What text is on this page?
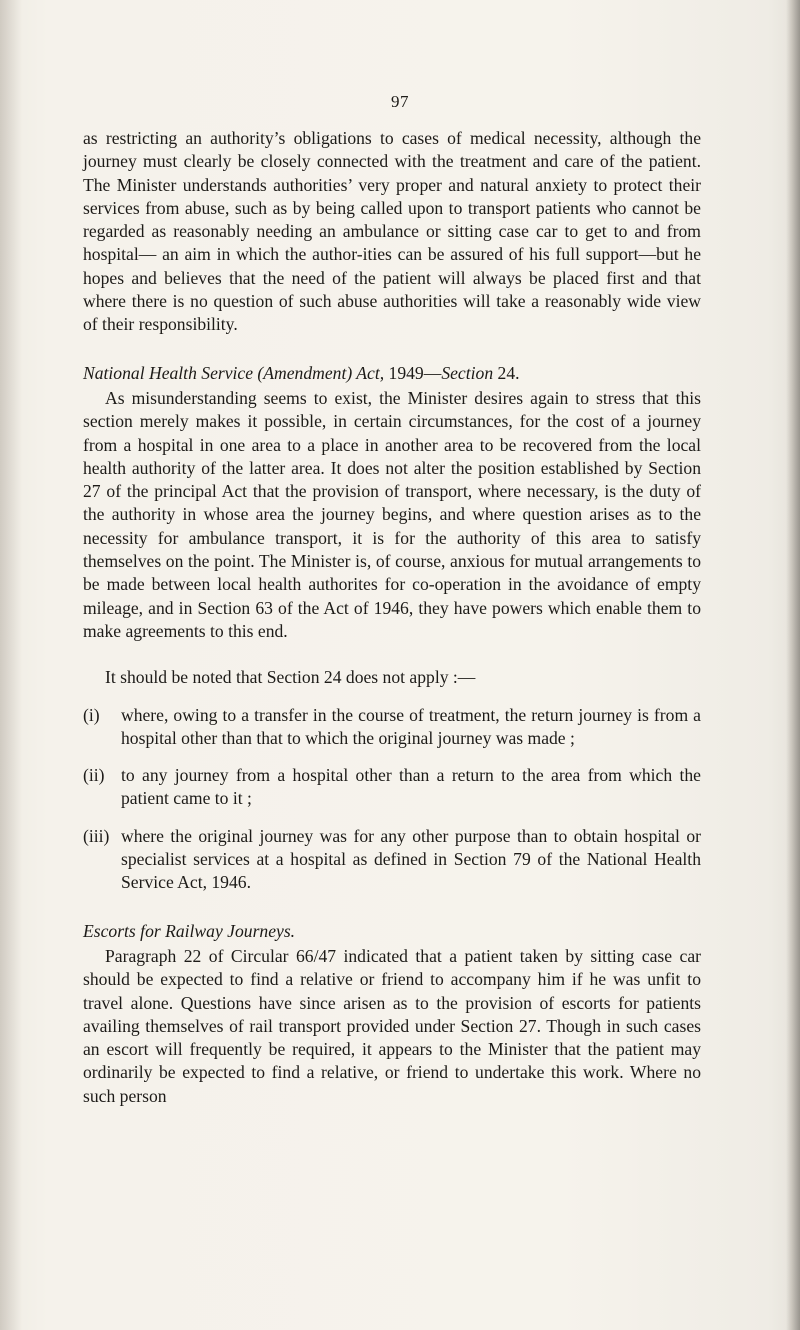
97

as restricting an authority’s obligations to cases of medical necessity, although the journey must clearly be closely connected with the treatment and care of the patient. The Minister understands authorities’ very proper and natural anxiety to protect their services from abuse, such as by being called upon to transport patients who cannot be regarded as reasonably needing an ambulance or sitting case car to get to and from hospital— an aim in which the author-ities can be assured of his full support—but he hopes and believes that the need of the patient will always be placed first and that where there is no question of such abuse authorities will take a reasonably wide view of their responsibility.

National Health Service (Amendment) Act, 1949—Section 24.

As misunderstanding seems to exist, the Minister desires again to stress that this section merely makes it possible, in certain circumstances, for the cost of a journey from a hospital in one area to a place in another area to be recovered from the local health authority of the latter area. It does not alter the position established by Section 27 of the principal Act that the provision of transport, where necessary, is the duty of the authority in whose area the journey begins, and where question arises as to the necessity for ambulance transport, it is for the authority of this area to satisfy themselves on the point. The Minister is, of course, anxious for mutual arrangements to be made between local health authorites for co-operation in the avoidance of empty mileage, and in Section 63 of the Act of 1946, they have powers which enable them to make agreements to this end.

It should be noted that Section 24 does not apply :—

(i)	where, owing to a transfer in the course of treatment, the return journey is from a hospital other than that to which the original journey was made ;
(ii) to any journey from a hospital other than a return to the area from which the patient came to it ;
(iii) where the original journey was for any other purpose than to obtain hospital or specialist services at a hospital as defined in Section 79 of the National Health Service Act, 1946.

Escorts for Railway Journeys.

Paragraph 22 of Circular 66/47 indicated that a patient taken by sitting case car should be expected to find a relative or friend to accompany him if he was unfit to travel alone. Questions have since arisen as to the provision of escorts for patients availing themselves of rail transport provided under Section 27. Though in such cases an escort will frequently be required, it appears to the Minister that the patient may ordinarily be expected to find a relative, or friend to undertake this work. Where no such person
